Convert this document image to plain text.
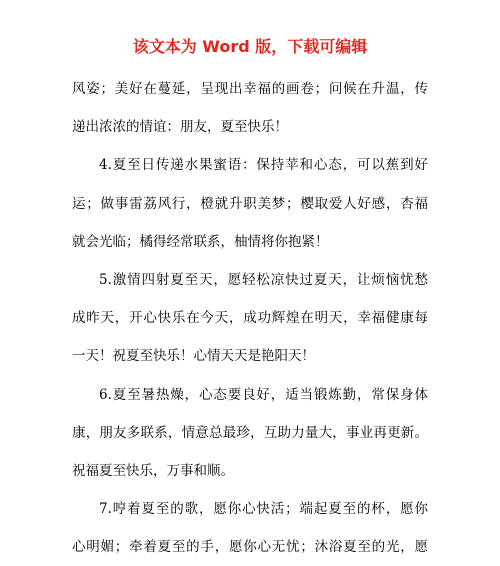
该文本为 Word 版，下载可编辑
风姿；美好在蔓延，呈现出幸福的画卷；问候在升温，传
递出浓浓的情谊：朋友，夏至快乐！
4.夏至日传递水果蜜语：保持苹和心态，可以蕉到好
运；做事雷荔风行，橙就升职美梦；樱取爱人好感，杏福
就会光临；橘得经常联系，柚情将你抱紧！
5.激情四射夏至天，愿轻松凉快过夏天，让烦恼忧愁
成昨天，开心快乐在今天，成功辉煌在明天，幸福健康每
一天！祝夏至快乐！心情天天是艳阳天！
6.夏至暑热燥，心态要良好，适当锻炼勤，常保身体
康，朋友多联系，情意总最珍，互助力量大，事业再更新。
祝福夏至快乐，万事和顺。
7.哼着夏至的歌，愿你心快活；端起夏至的杯，愿你
心明媚；牵着夏至的手，愿你心无忧；沐浴夏至的光，愿
